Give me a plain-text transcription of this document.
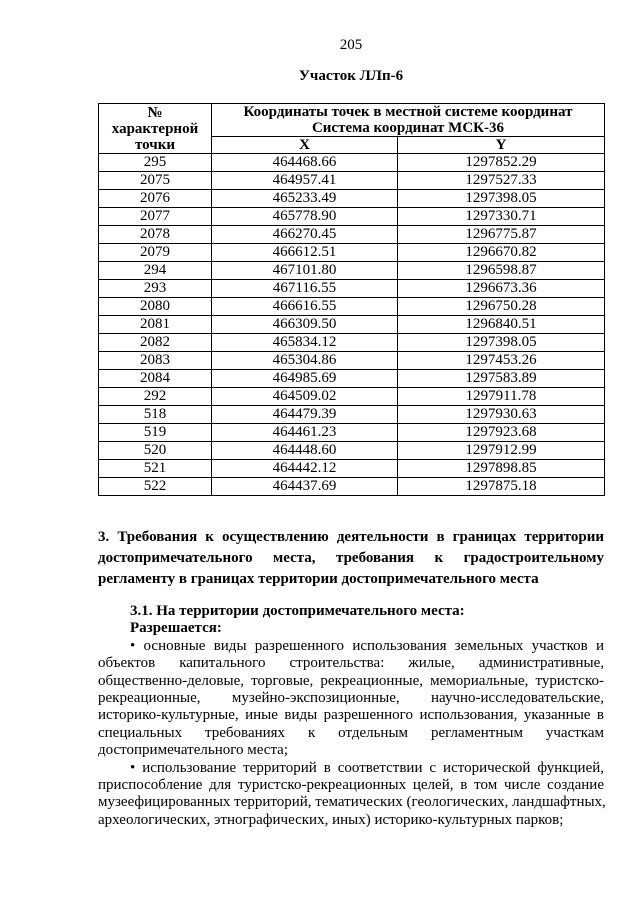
205
Участок ЛЛп-6
№
характерной
точки	Координаты точек в местной системе координат
Система координат МСК-36	

	X	Y
295	464468.66	1297852.29
2075	464957.41	1297527.33
2076	465233.49	1297398.05
2077	465778.90	1297330.71
2078	466270.45	1296775.87
2079	466612.51	1296670.82
294	467101.80	1296598.87
293	467116.55	1296673.36
2080	466616.55	1296750.28
2081	466309.50	1296840.51
2082	465834.12	1297398.05
2083	465304.86	1297453.26
2084	464985.69	1297583.89
292	464509.02	1297911.78
518	464479.39	1297930.63
519	464461.23	1297923.68
520	464448.60	1297912.99
521	464442.12	1297898.85
522	464437.69	1297875.18
3. Требования к осуществлению деятельности в границах территории
достопримечательного места, требования к градостроительному
регламенту в границах территории достопримечательного места
3.1. На территории достопримечательного места:
Разрешается:
• основные виды разрешенного использования земельных участков и
объектов капитального строительства: жилые, административные,
общественно-деловые, торговые, рекреационные, мемориальные, туристско-
рекреационные, музейно-экспозиционные, научно-исследовательские,
историко-культурные, иные виды разрешенного использования, указанные в
специальных требованиях к отдельным регламентным участкам
достопримечательного места;
• использование территорий в соответствии с исторической функцией,
приспособление для туристско-рекреационных целей, в том числе создание
музеефицированных территорий, тематических (геологических, ландшафтных,
археологических, этнографических, иных) историко-культурных парков;
